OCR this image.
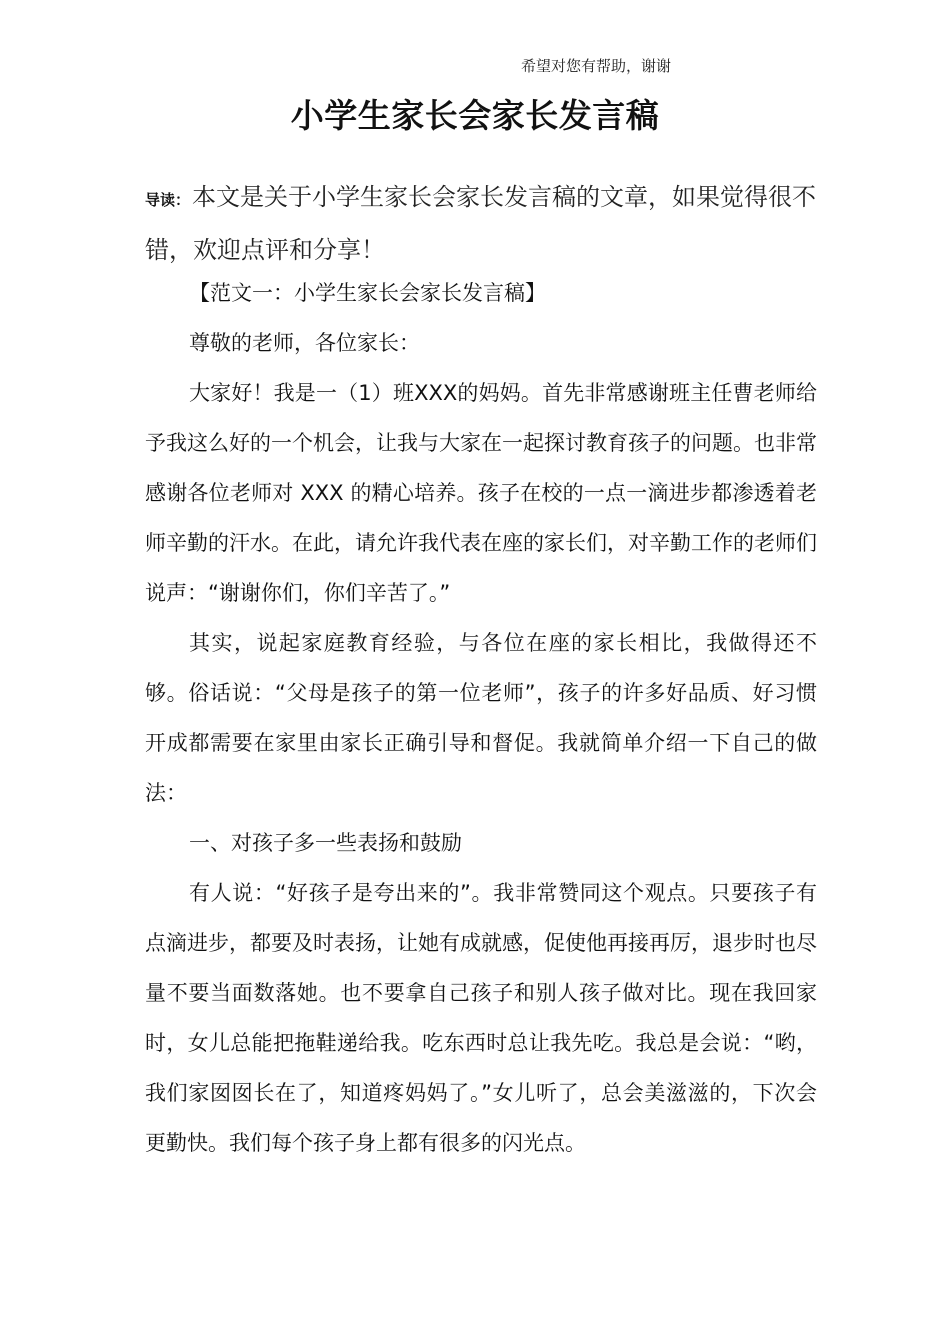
希望对您有帮助，谢谢
小学生家长会家长发言稿

导读：本文是关于小学生家长会家长发言稿的文章，如果觉得很不错，欢迎点评和分享！

【范文一：小学生家长会家长发言稿】

尊敬的老师，各位家长：

大家好！我是一（1）班XXX的妈妈。首先非常感谢班主任曹老师给予我这么好的一个机会，让我与大家在一起探讨教育孩子的问题。也非常感谢各位老师对 XXX 的精心培养。孩子在校的一点一滴进步都渗透着老师辛勤的汗水。在此，请允许我代表在座的家长们，对辛勤工作的老师们说声：“谢谢你们，你们辛苦了。”

其实，说起家庭教育经验，与各位在座的家长相比，我做得还不够。俗话说：“父母是孩子的第一位老师”，孩子的许多好品质、好习惯开成都需要在家里由家长正确引导和督促。我就简单介绍一下自己的做法：

一、对孩子多一些表扬和鼓励

有人说：“好孩子是夸出来的”。我非常赞同这个观点。只要孩子有点滴进步，都要及时表扬，让她有成就感，促使他再接再厉，退步时也尽量不要当面数落她。也不要拿自己孩子和别人孩子做对比。现在我回家时，女儿总能把拖鞋递给我。吃东西时总让我先吃。我总是会说：“哟，我们家囡囡长在了，知道疼妈妈了。”女儿听了，总会美滋滋的，下次会更勤快。我们每个孩子身上都有很多的闪光点。
